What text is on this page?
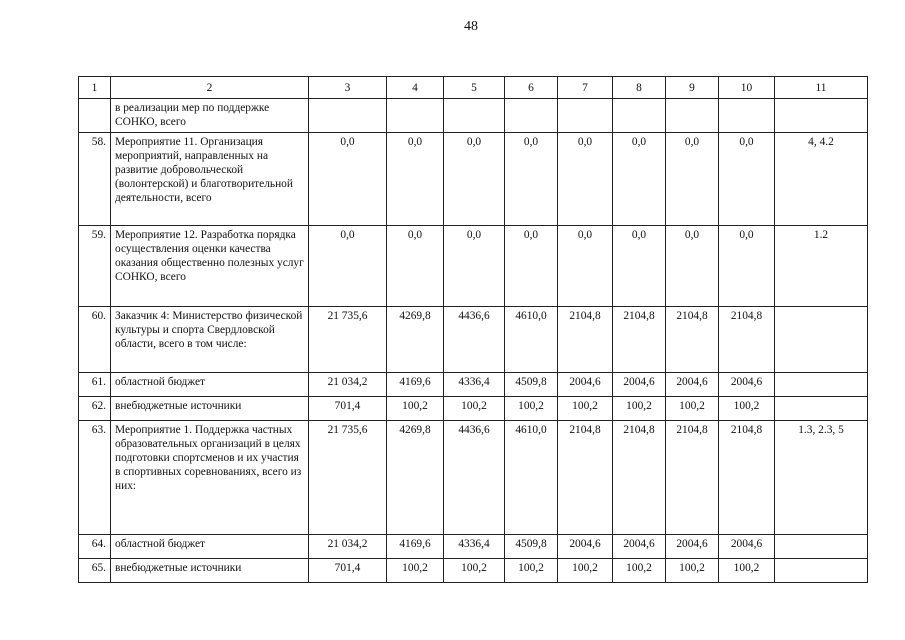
48
1	2	3	4	5	6	7	8	9	10	11
	в реализации мер по поддержке СОНКО, всего									
58.	Мероприятие 11. Организация мероприятий, направленных на развитие добровольческой (волонтерской) и благотворительной деятельности, всего	0,0	0,0	0,0	0,0	0,0	0,0	0,0	0,0	4, 4.2
59.	Мероприятие 12. Разработка порядка осуществления оценки качества оказания общественно полезных услуг СОНКО, всего	0,0	0,0	0,0	0,0	0,0	0,0	0,0	0,0	1.2
60.	Заказчик 4: Министерство физической культуры и спорта Свердловской области, всего в том числе:	21 735,6	4269,8	4436,6	4610,0	2104,8	2104,8	2104,8	2104,8	
61.	областной бюджет	21 034,2	4169,6	4336,4	4509,8	2004,6	2004,6	2004,6	2004,6	
62.	внебюджетные источники	701,4	100,2	100,2	100,2	100,2	100,2	100,2	100,2	
63.	Мероприятие 1. Поддержка частных образовательных организаций в целях подготовки спортсменов и их участия в спортивных соревнованиях, всего из них:	21 735,6	4269,8	4436,6	4610,0	2104,8	2104,8	2104,8	2104,8	1.3, 2.3, 5
64.	областной бюджет	21 034,2	4169,6	4336,4	4509,8	2004,6	2004,6	2004,6	2004,6	
65.	внебюджетные источники	701,4	100,2	100,2	100,2	100,2	100,2	100,2	100,2	
